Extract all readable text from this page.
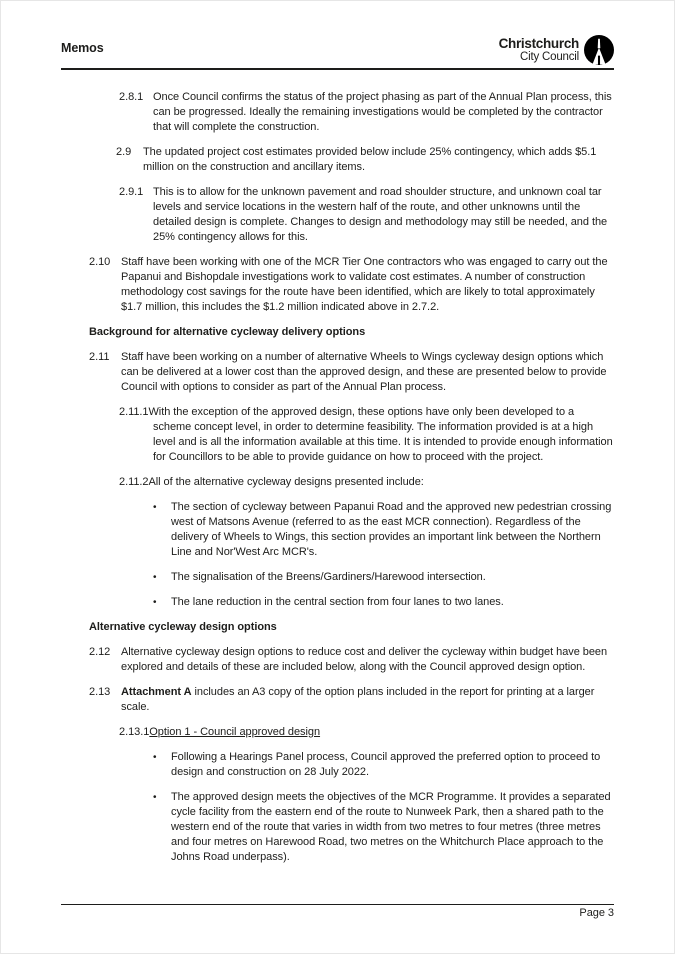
Memos	Christchurch
City Council

2.8.1 Once Council confirms the status of the project phasing as part of the Annual Plan process, this can be progressed. Ideally the remaining investigations would be completed by the contractor that will complete the construction.

2.9 The updated project cost estimates provided below include 25% contingency, which adds $5.1 million on the construction and ancillary items.

2.9.1 This is to allow for the unknown pavement and road shoulder structure, and unknown coal tar levels and service locations in the western half of the route, and other unknowns until the detailed design is complete. Changes to design and methodology may still be needed, and the 25% contingency allows for this.

2.10 Staff have been working with one of the MCR Tier One contractors who was engaged to carry out the Papanui and Bishopdale investigations work to validate cost estimates. A number of construction methodology cost savings for the route have been identified, which are likely to total approximately $1.7 million, this includes the $1.2 million indicated above in 2.7.2.

Background for alternative cycleway delivery options

2.11 Staff have been working on a number of alternative Wheels to Wings cycleway design options which can be delivered at a lower cost than the approved design, and these are presented below to provide Council with options to consider as part of the Annual Plan process.

2.11.1With the exception of the approved design, these options have only been developed to a scheme concept level, in order to determine feasibility. The information provided is at a high level and is all the information available at this time. It is intended to provide enough information for Councillors to be able to provide guidance on how to proceed with the project.

2.11.2All of the alternative cycleway designs presented include:

• The section of cycleway between Papanui Road and the approved new pedestrian crossing west of Matsons Avenue (referred to as the east MCR connection). Regardless of the delivery of Wheels to Wings, this section provides an important link between the Northern Line and Nor'West Arc MCR's.

• The signalisation of the Breens/Gardiners/Harewood intersection.

• The lane reduction in the central section from four lanes to two lanes.

Alternative cycleway design options

2.12 Alternative cycleway design options to reduce cost and deliver the cycleway within budget have been explored and details of these are included below, along with the Council approved design option.

2.13 Attachment A includes an A3 copy of the option plans included in the report for printing at a larger scale.

2.13.1Option 1 - Council approved design

• Following a Hearings Panel process, Council approved the preferred option to proceed to design and construction on 28 July 2022.

• The approved design meets the objectives of the MCR Programme. It provides a separated cycle facility from the eastern end of the route to Nunweek Park, then a shared path to the western end of the route that varies in width from two metres to four metres (three metres and four metres on Harewood Road, two metres on the Whitchurch Place approach to the Johns Road underpass).

Page 3
